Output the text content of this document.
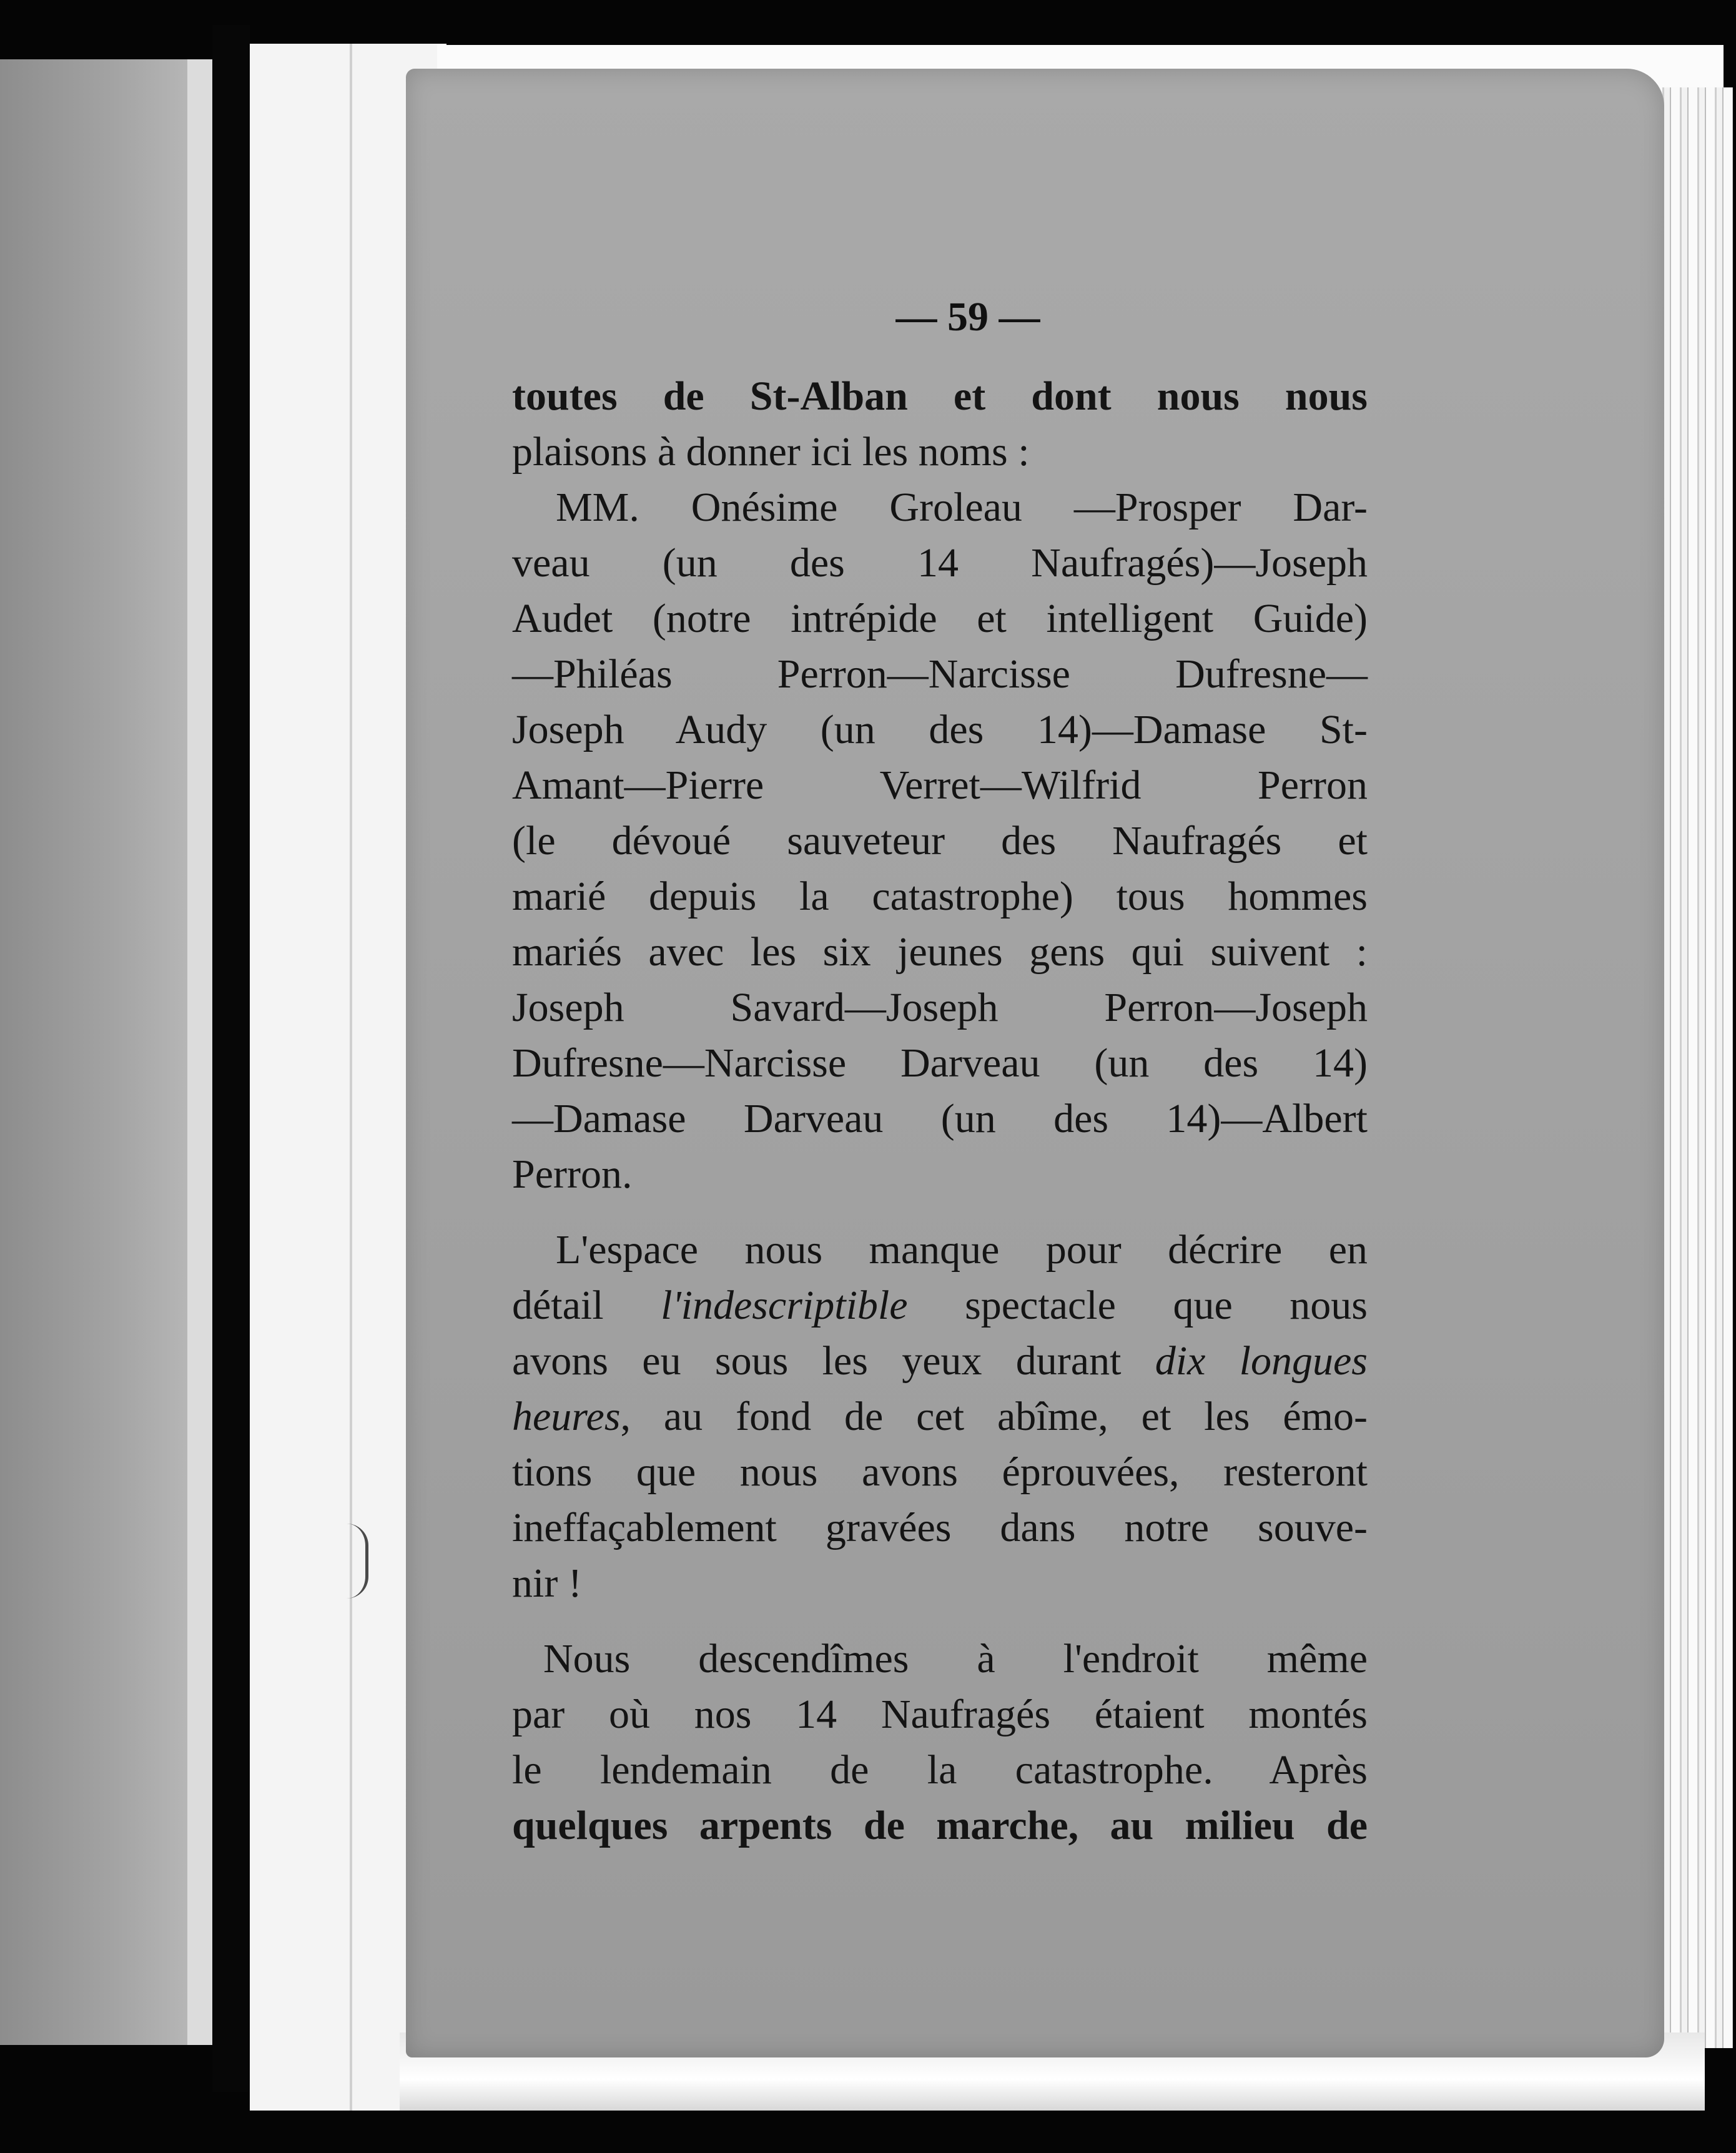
— 59 —
toutes de St-Alban et dont nous nous
plaisons à donner ici les noms :
MM. Onésime Groleau —Prosper Dar-
veau (un des 14 Naufragés)—Joseph
Audet (notre intrépide et intelligent Guide)
—Philéas Perron—Narcisse Dufresne—
Joseph Audy (un des 14)—Damase St-
Amant—Pierre Verret—Wilfrid Perron
(le dévoué sauveteur des Naufragés et
marié depuis la catastrophe) tous hommes
mariés avec les six jeunes gens qui suivent :
Joseph Savard—Joseph Perron—Joseph
Dufresne—Narcisse Darveau (un des 14)
—Damase Darveau (un des 14)—Albert
Perron.
L'espace nous manque pour décrire en
détail l'indescriptible spectacle que nous
avons eu sous les yeux durant dix longues
heures, au fond de cet abîme, et les émo-
tions que nous avons éprouvées, resteront
ineffaçablement gravées dans notre souve-
nir !
Nous descendîmes à l'endroit même
par où nos 14 Naufragés étaient montés
le lendemain de la catastrophe. Après
quelques arpents de marche, au milieu de
